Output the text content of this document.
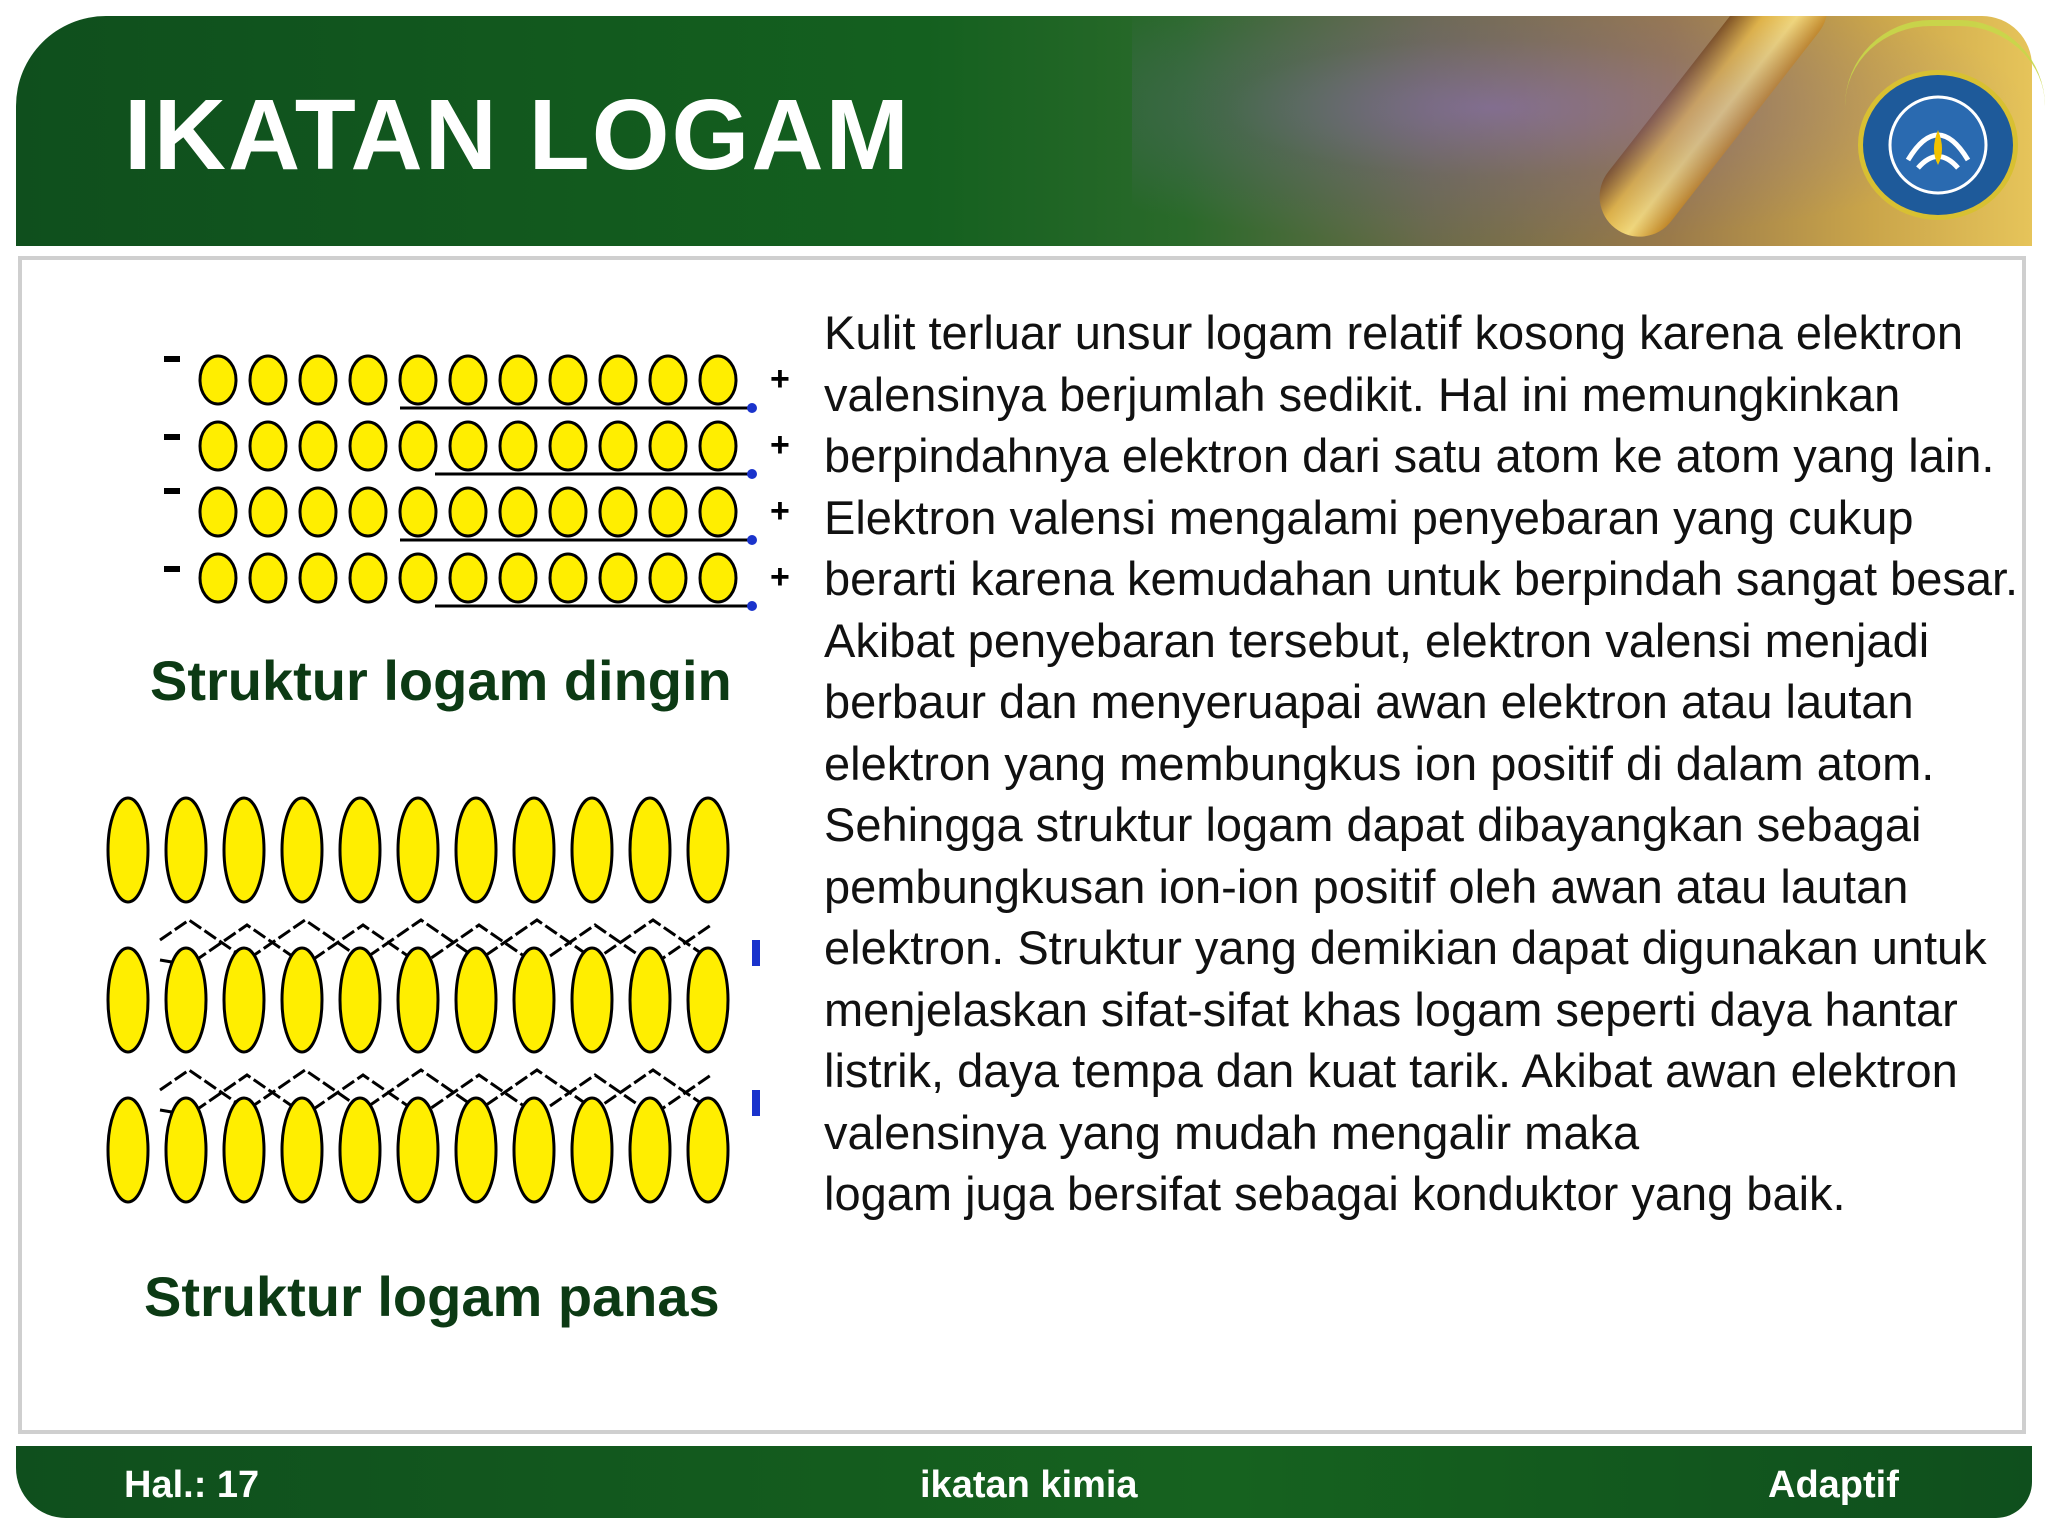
IKATAN LOGAM
+
+
+
+
Struktur logam dingin
Struktur logam panas

Kulit terluar unsur logam relatif kosong karena elektron valensinya berjumlah sedikit. Hal ini memungkinkan berpindahnya elektron dari satu atom ke atom yang lain. Elektron valensi mengalami penyebaran yang cukup berarti karena kemudahan untuk berpindah sangat besar. Akibat penyebaran tersebut, elektron valensi menjadi berbaur dan menyeruapai awan elektron atau lautan elektron yang membungkus ion positif di dalam atom. Sehingga struktur logam dapat dibayangkan sebagai pembungkusan ion-ion positif oleh awan atau lautan elektron. Struktur yang demikian dapat digunakan untuk menjelaskan sifat-sifat khas logam seperti daya hantar listrik, daya tempa dan kuat tarik. Akibat awan elektron valensinya yang mudah mengalir maka

logam juga bersifat sebagai konduktor yang baik.

Hal.: 17	ikatan kimia	Adaptif
